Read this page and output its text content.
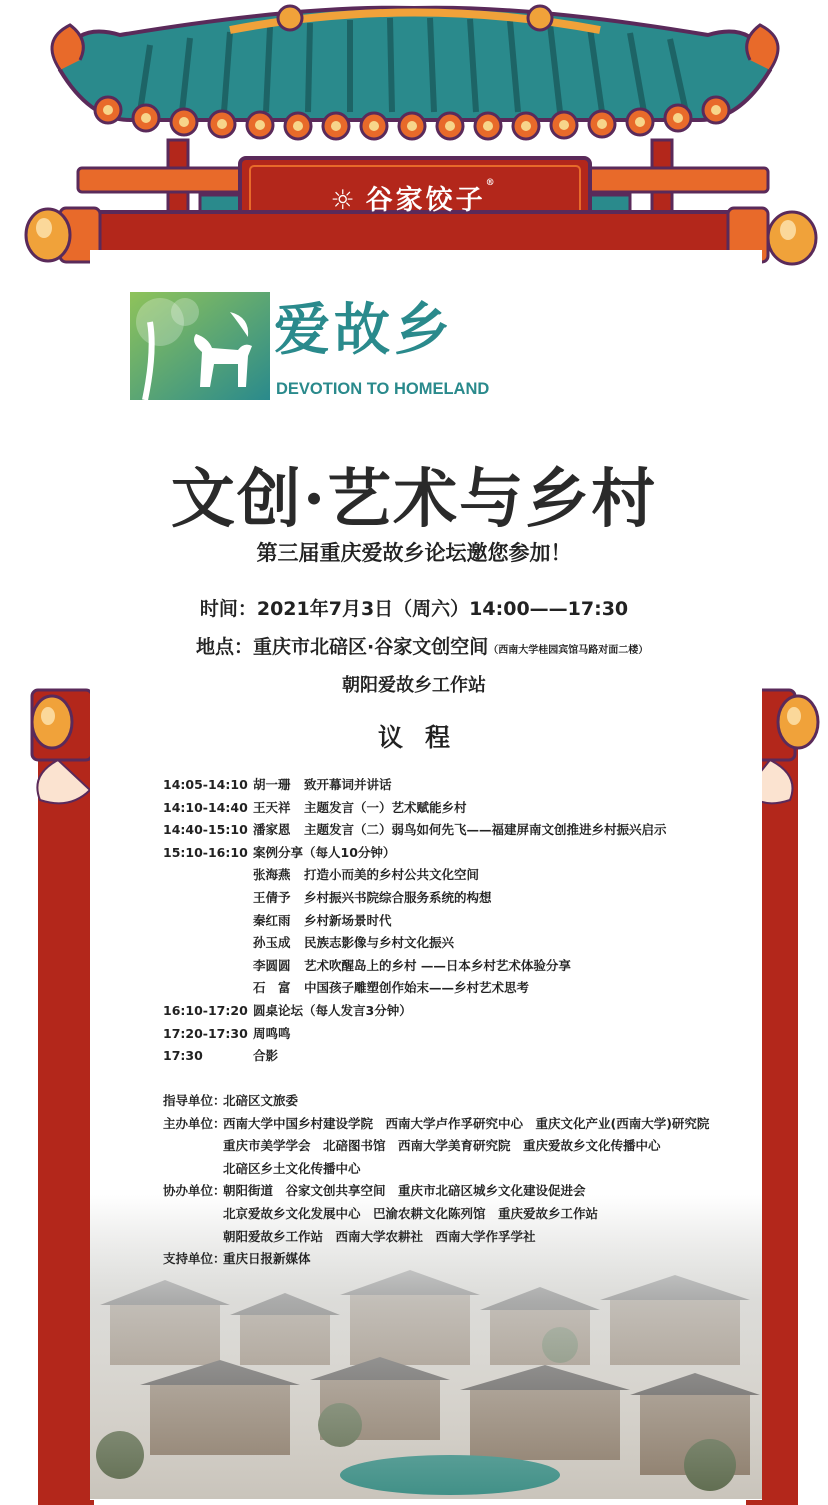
☼ 谷家饺子®
爱故乡
DEVOTION TO HOMELAND
文创·艺术与乡村
第三届重庆爱故乡论坛邀您参加！
时间：2021年7月3日（周六）14:00——17:30
地点：重庆市北碚区·谷家文创空间（西南大学桂园宾馆马路对面二楼）
朝阳爱故乡工作站
议程
14:05-14:10 胡一珊 致开幕词并讲话
14:10-14:40 王天祥 主题发言（一）艺术赋能乡村
14:40-15:10 潘家恩 主题发言（二）弱鸟如何先飞——福建屏南文创推进乡村振兴启示
15:10-16:10 案例分享（每人10分钟）
张海燕 打造小而美的乡村公共文化空间
王倩予 乡村振兴书院综合服务系统的构想
秦红雨 乡村新场景时代
孙玉成 民族志影像与乡村文化振兴
李圆圆 艺术吹醒岛上的乡村 ——日本乡村艺术体验分享
石　富 中国孩子雕塑创作始末——乡村艺术思考
16:10-17:20 圆桌论坛（每人发言3分钟）
17:20-17:30 周鸣鸣
17:30	合影
指导单位：
北碚区文旅委
主办单位：
西南大学中国乡村建设学院　西南大学卢作孚研究中心　重庆文化产业(西南大学)研究院
重庆市美学学会　北碚图书馆　西南大学美育研究院　重庆爱故乡文化传播中心
北碚区乡土文化传播中心
协办单位：
朝阳街道　谷家文创共享空间　重庆市北碚区城乡文化建设促进会
北京爱故乡文化发展中心　巴渝农耕文化陈列馆　重庆爱故乡工作站
朝阳爱故乡工作站　西南大学农耕社　西南大学作孚学社
支持单位：
重庆日报新媒体
